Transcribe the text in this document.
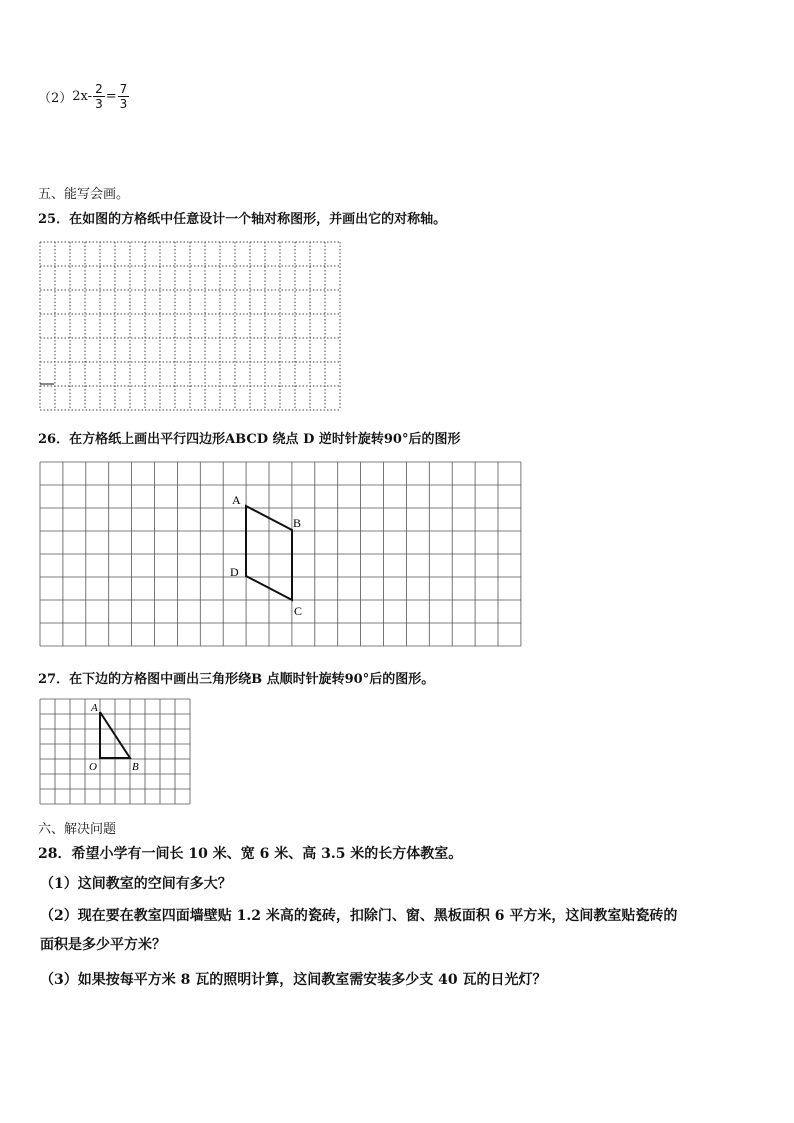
（2） $2x- \frac{2}{3} = \frac{7}{3}$
五、能写会画。
25．在如图的方格纸中任意设计一个轴对称图形，并画出它的对称轴。
26．在方格纸上画出平行四边形ABCD 绕点 D 逆时针旋转90°后的图形
A
B
C
D
27．在下边的方格图中画出三角形绕B 点顺时针旋转90°后的图形。
A
O	B
六、解决问题
28．希望小学有一间长 10 米、宽 6 米、高 3.5 米的长方体教室。
（1）这间教室的空间有多大？
（2）现在要在教室四面墙壁贴 1.2 米高的瓷砖，扣除门、窗、黑板面积 6 平方米，这间教室贴瓷砖的
面积是多少平方米？
（3）如果按每平方米 8 瓦的照明计算，这间教室需安装多少支 40 瓦的日光灯？
